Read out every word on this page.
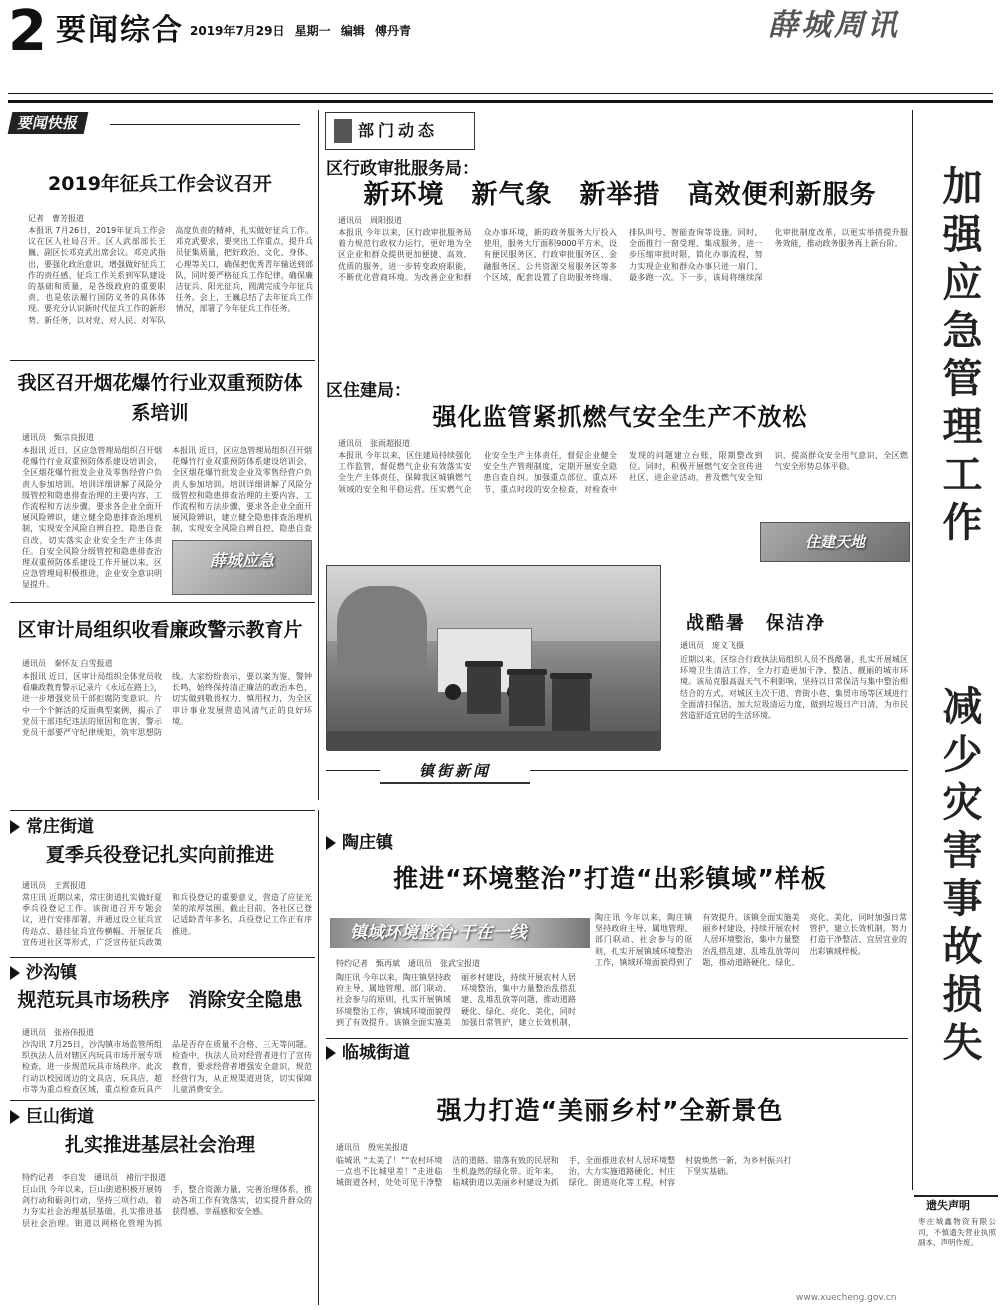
2 要闻综合 2019年7月29日 星期一 编辑 傅丹青	薛城周讯
要闻快报
2019年征兵工作会议召开
记者　 曹芳报道
本报讯 7月26日，2019年征兵工作会议在区人社局召开。区人武部部长王巍、副区长邓克武出席会议。邓克武指出，要强化政治意识，增强做好征兵工作的责任感。征兵工作关系到军队建设的基础和质量，是各级政府的重要职责，也是依法履行国防义务的具体体现。要充分认识新时代征兵工作的新形势、新任务，以对党、对人民、对军队高度负责的精神，扎实做好征兵工作。邓克武要求，要突出工作重点，提升兵员征集质量，把好政治、文化、身体、心理等关口，确保把优秀青年输送到部队，同时要严格征兵工作纪律，确保廉洁征兵、阳光征兵，圆满完成今年征兵任务。会上，王巍总结了去年征兵工作情况，部署了今年征兵工作任务。
我区召开烟花爆竹行业双重预防体系培训
通讯员　 甄宗良报道
本报讯 近日，区应急管理局组织召开烟花爆竹行业双重预防体系建设培训会，全区烟花爆竹批发企业及零售经营户负责人参加培训。培训详细讲解了风险分级管控和隐患排查治理的主要内容、工作流程和方法步骤，要求各企业全面开展风险辨识，建立健全隐患排查治理机制，实现安全风险自辨自控、隐患自查自改，切实落实企业安全生产主体责任。自安全风险分级管控和隐患排查治理双重预防体系建设工作开展以来，区应急管理局积极推进，企业安全意识明显提升。
本报讯 近日，区应急管理局组织召开烟花爆竹行业双重预防体系建设培训会，全区烟花爆竹批发企业及零售经营户负责人参加培训。培训详细讲解了风险分级管控和隐患排查治理的主要内容、工作流程和方法步骤，要求各企业全面开展风险辨识，建立健全隐患排查治理机制，实现安全风险自辨自控、隐患自查
薛城应急
区审计局组织收看廉政警示教育片
通讯员　 秦怀友 白雪报道
本报讯 近日，区审计局组织全体党员收看廉政教育警示记录片《永远在路上》，进一步增强党员干部拒腐防变意识。片中一个个鲜活的反面典型案例，揭示了党员干部违纪违法的原因和危害，警示党员干部要严守纪律规矩，筑牢思想防线。大家纷纷表示，要以案为鉴、警钟长鸣，始终保持清正廉洁的政治本色，切实做到敬畏权力、慎用权力，为全区审计事业发展营造风清气正的良好环境。
部门动态
区行政审批服务局：
新环境　新气象　新举措　高效便利新服务
通讯员　 周阳报道
本报讯 今年以来，区行政审批服务局着力规范行政权力运行，更好地为全区企业和群众提供更加便捷、高效、优质的服务，进一步转变政府职能，不断优化营商环境。为改善企业和群众办事环境，新的政务服务大厅投入使用，服务大厅面积9000平方米，设有便民服务区、行政审批服务区、金融服务区、公共资源交易服务区等多个区域，配套设置了自助服务终端、排队叫号、智能查询等设施。同时，全面推行一窗受理、集成服务，进一步压缩审批时限，简化办事流程，努力实现企业和群众办事只进一扇门、最多跑一次。下一步，该局将继续深化审批制度改革，以更实举措提升服务效能，推动政务服务再上新台阶。
区住建局：
强化监管紧抓燃气安全生产不放松
通讯员　 张雨超报道
本报讯 今年以来，区住建局持续强化工作监管，督促燃气企业有效落实安全生产主体责任，保障我区城镇燃气领域的安全和平稳运营。压实燃气企业安全生产主体责任，督促企业健全安全生产管理制度，定期开展安全隐患自查自纠。加强重点部位、重点环节、重点时段的安全检查，对检查中发现的问题建立台账，限期整改到位。同时，积极开展燃气安全宣传进社区、进企业活动，普及燃气安全知识，提高群众安全用气意识，全区燃气安全形势总体平稳。
住建天地
战酷暑　保洁净
通讯员　 庞义飞摄
近期以来，区综合行政执法局组织人员不畏酷暑，扎实开展城区环境卫生清洁工作，全力打造更加干净、整洁、靓丽的城市环境。该局克服高温天气不利影响，坚持以日常保洁与集中整治相结合的方式，对城区主次干道、背街小巷、集贸市场等区域进行全面清扫保洁，加大垃圾清运力度，做到垃圾日产日清，为市民营造舒适宜居的生活环境。
镇街新闻
常庄街道
夏季兵役登记扎实向前推进
通讯员　 王霄报道
常庄讯 近期以来，常庄街道扎实做好夏季兵役登记工作。该街道召开专题会议，进行安排部署，并通过设立征兵宣传站点、悬挂征兵宣传横幅、开展征兵宣传进社区等形式，广泛宣传征兵政策和兵役登记的重要意义，营造了应征光荣的浓厚氛围。截止目前，各社区已登记适龄青年多名，兵役登记工作正有序推进。
沙沟镇
规范玩具市场秩序　消除安全隐患
通讯员　 张裕伟报道
沙沟讯 7月25日，沙沟镇市场监管所组织执法人员对辖区内玩具市场开展专项检查，进一步规范玩具市场秩序。此次行动以校园周边的文具店、玩具店、超市等为重点检查区域，重点检查玩具产品是否存在质量不合格、三无等问题。检查中，执法人员对经营者进行了宣传教育，要求经营者增强安全意识，规范经营行为，从正规渠道进货，切实保障儿童消费安全。
巨山街道
扎实推进基层社会治理
特约记者　 李自发　通讯员　褚衍宇报道
巨山讯 今年以来，巨山街道积极开展铸剑行动和砺剑行动，坚持三项行动，着力夯实社会治理基层基础，扎实推进基层社会治理。街道以网格化管理为抓手，整合资源力量，完善治理体系，推动各项工作有效落实，切实提升群众的获得感、幸福感和安全感。
陶庄镇
推进“环境整治”打造“出彩镇域”样板
镇域环境整治·干在一线
特约记者　 甄再斌　通讯员　张武宝报道
陶庄讯 今年以来，陶庄镇坚持政府主导、属地管理、部门联动、社会参与的原则，扎实开展镇域环境整治工作，镇域环境面貌得到了有效提升。该镇全面实施美丽乡村建设，持续开展农村人居环境整治，集中力量整治乱搭乱建、乱堆乱放等问题，推动道路硬化、绿化、亮化、美化，同时加强日常管护，建立长效机制，
陶庄讯 今年以来，陶庄镇坚持政府主导、属地管理、部门联动、社会参与的原则，扎实开展镇域环境整治工作，镇域环境面貌得到了有效提升。该镇全面实施美丽乡村建设，持续开展农村人居环境整治，集中力量整治乱搭乱建、乱堆乱放等问题，推动道路硬化、绿化、亮化、美化，同时加强日常管护，建立长效机制，努力打造干净整洁、宜居宜业的出彩镇域样板。
临城街道
强力打造“美丽乡村”全新景色
通讯员　 殷宪美报道
临城讯 “太美了！”“农村环境一点也不比城里差！”走进临城街道各村，处处可见干净整洁的道路、错落有致的民居和生机盎然的绿化带。近年来，临城街道以美丽乡村建设为抓手，全面推进农村人居环境整治，大力实施道路硬化、村庄绿化、街道亮化等工程，村容村貌焕然一新，为乡村振兴打下坚实基础。
加强应急管理工作
减少灾害事故损失
遗失声明
枣庄城鑫物资有限公司，不慎遗失营业执照副本，声明作废。
www.xuecheng.gov.cn
